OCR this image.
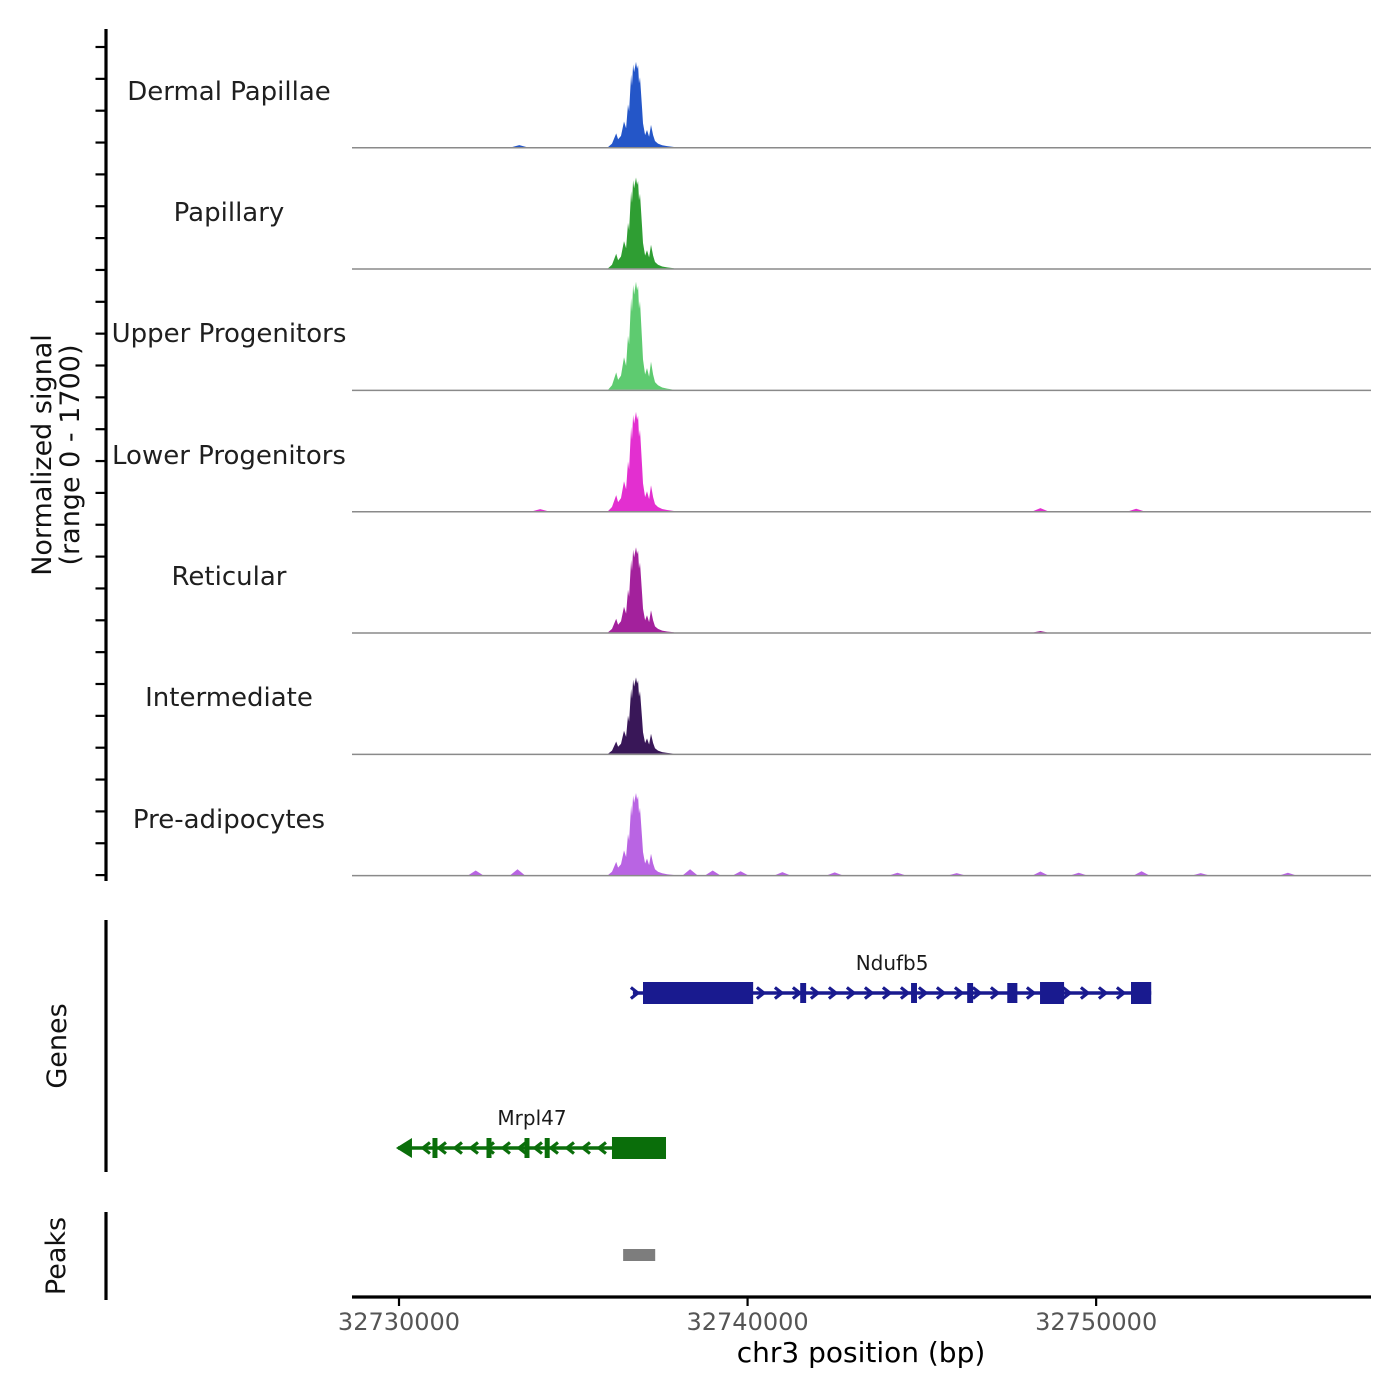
Ndufb5
Mrpl47
32730000	32740000	32750000
Normalized signal
(range 0 - 1700)
Dermal Papillae
Papillary
Upper Progenitors
Lower Progenitors
Reticular
Intermediate
Pre-adipocytes
Genes
Peaks
chr3 position (bp)
